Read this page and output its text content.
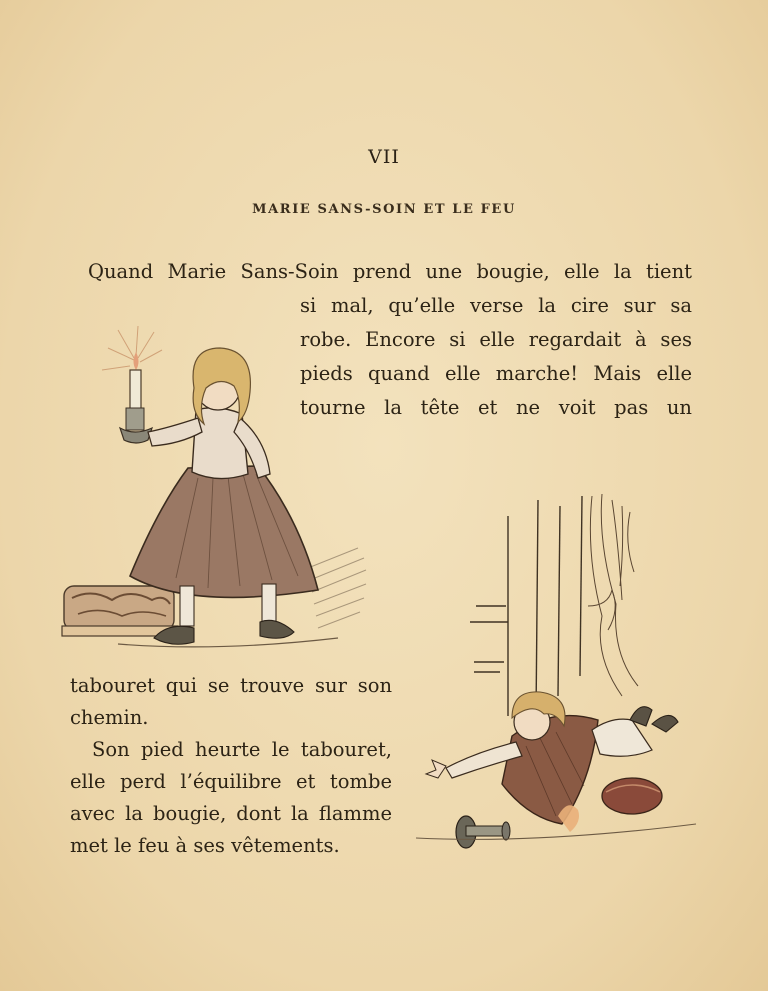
VII
MARIE SANS-SOIN ET LE FEU
Quand Marie Sans-Soin prend une bougie, elle la tient
si mal, qu’elle verse la cire sur sa
robe. Encore si elle regardait à ses
pieds quand elle marche! Mais elle
tourne la tête et ne voit pas un
tabouret qui se trouve sur son
chemin.
Son pied heurte le tabouret,
elle perd l’équilibre et tombe
avec la bougie, dont la flamme
met le feu à ses vêtements.
